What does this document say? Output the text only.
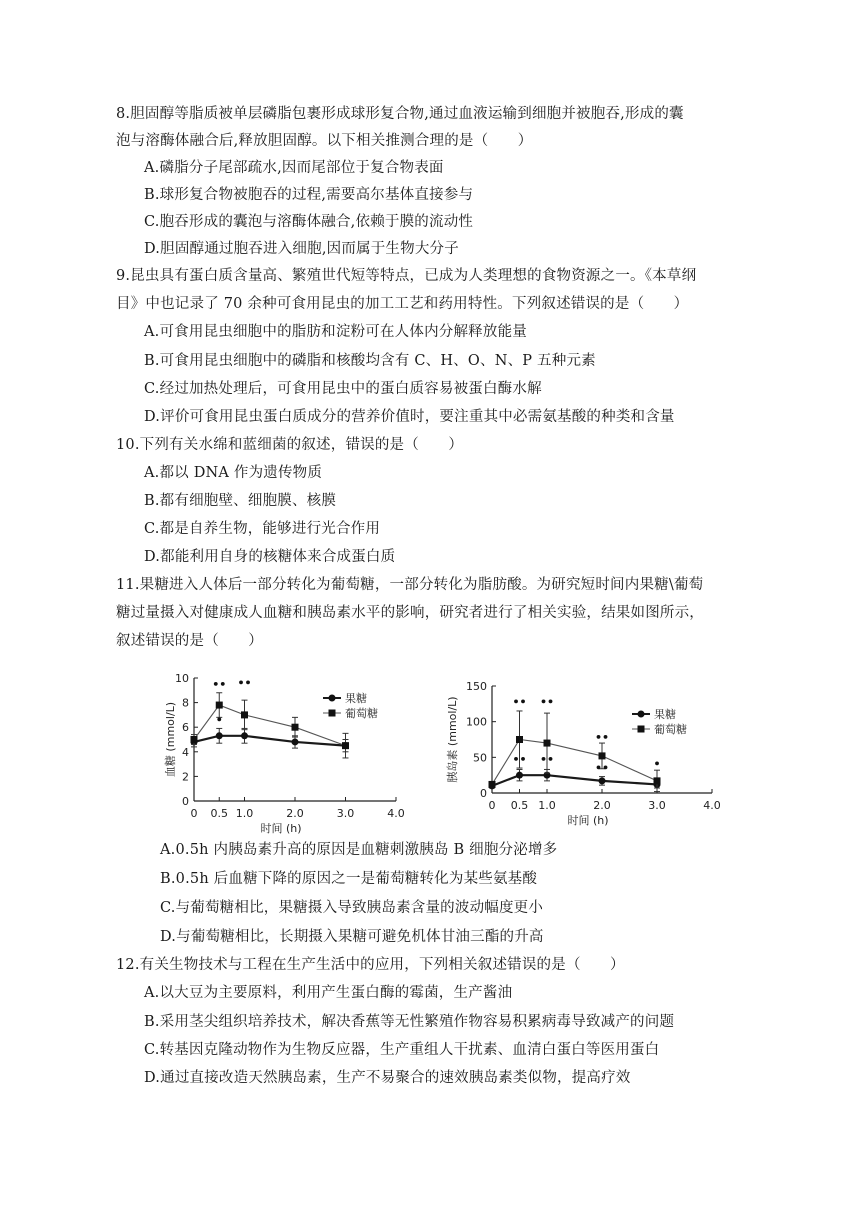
8.胆固醇等脂质被单层磷脂包裹形成球形复合物,通过血液运输到细胞并被胞吞,形成的囊
泡与溶酶体融合后,释放胆固醇。以下相关推测合理的是（　　）
A.磷脂分子尾部疏水,因而尾部位于复合物表面
B.球形复合物被胞吞的过程,需要高尔基体直接参与
C.胞吞形成的囊泡与溶酶体融合,依赖于膜的流动性
D.胆固醇通过胞吞进入细胞,因而属于生物大分子
9.昆虫具有蛋白质含量高、繁殖世代短等特点，已成为人类理想的食物资源之一。《本草纲
目》中也记录了 70 余种可食用昆虫的加工工艺和药用特性。下列叙述错误的是（　　）
A.可食用昆虫细胞中的脂肪和淀粉可在人体内分解释放能量
B.可食用昆虫细胞中的磷脂和核酸均含有 C、H、O、N、P 五种元素
C.经过加热处理后，可食用昆虫中的蛋白质容易被蛋白酶水解
D.评价可食用昆虫蛋白质成分的营养价值时，要注重其中必需氨基酸的种类和含量
10.下列有关水绵和蓝细菌的叙述，错误的是（　　）
A.都以 DNA 作为遗传物质
B.都有细胞壁、细胞膜、核膜
C.都是自养生物，能够进行光合作用
D.都能利用自身的核糖体来合成蛋白质
11.果糖进入人体后一部分转化为葡萄糖，一部分转化为脂肪酸。为研究短时间内果糖\葡萄
糖过量摄入对健康成人血糖和胰岛素水平的影响，研究者进行了相关实验，结果如图所示，
叙述错误的是（　　）
0
2
4
6
8
10
0 0.5 1.0	2.0	3.0	4.0
时间 (h)
血糖 (mmol/L)
果糖
葡萄糖
•• ••
•
0
50
100
150
0 0.5 1.0	2.0	3.0	4.0
时间 (h)
胰岛素 (mmol/L)	果糖
葡萄糖
•• ••
••
•
•• ••
••
A.0.5h 内胰岛素升高的原因是血糖刺激胰岛 B 细胞分泌增多
B.0.5h 后血糖下降的原因之一是葡萄糖转化为某些氨基酸
C.与葡萄糖相比，果糖摄入导致胰岛素含量的波动幅度更小
D.与葡萄糖相比，长期摄入果糖可避免机体甘油三酯的升高
12.有关生物技术与工程在生产生活中的应用，下列相关叙述错误的是（　　）
A.以大豆为主要原料，利用产生蛋白酶的霉菌，生产酱油
B.采用茎尖组织培养技术，解决香蕉等无性繁殖作物容易积累病毒导致减产的问题
C.转基因克隆动物作为生物反应器，生产重组人干扰素、血清白蛋白等医用蛋白
D.通过直接改造天然胰岛素，生产不易聚合的速效胰岛素类似物，提高疗效
